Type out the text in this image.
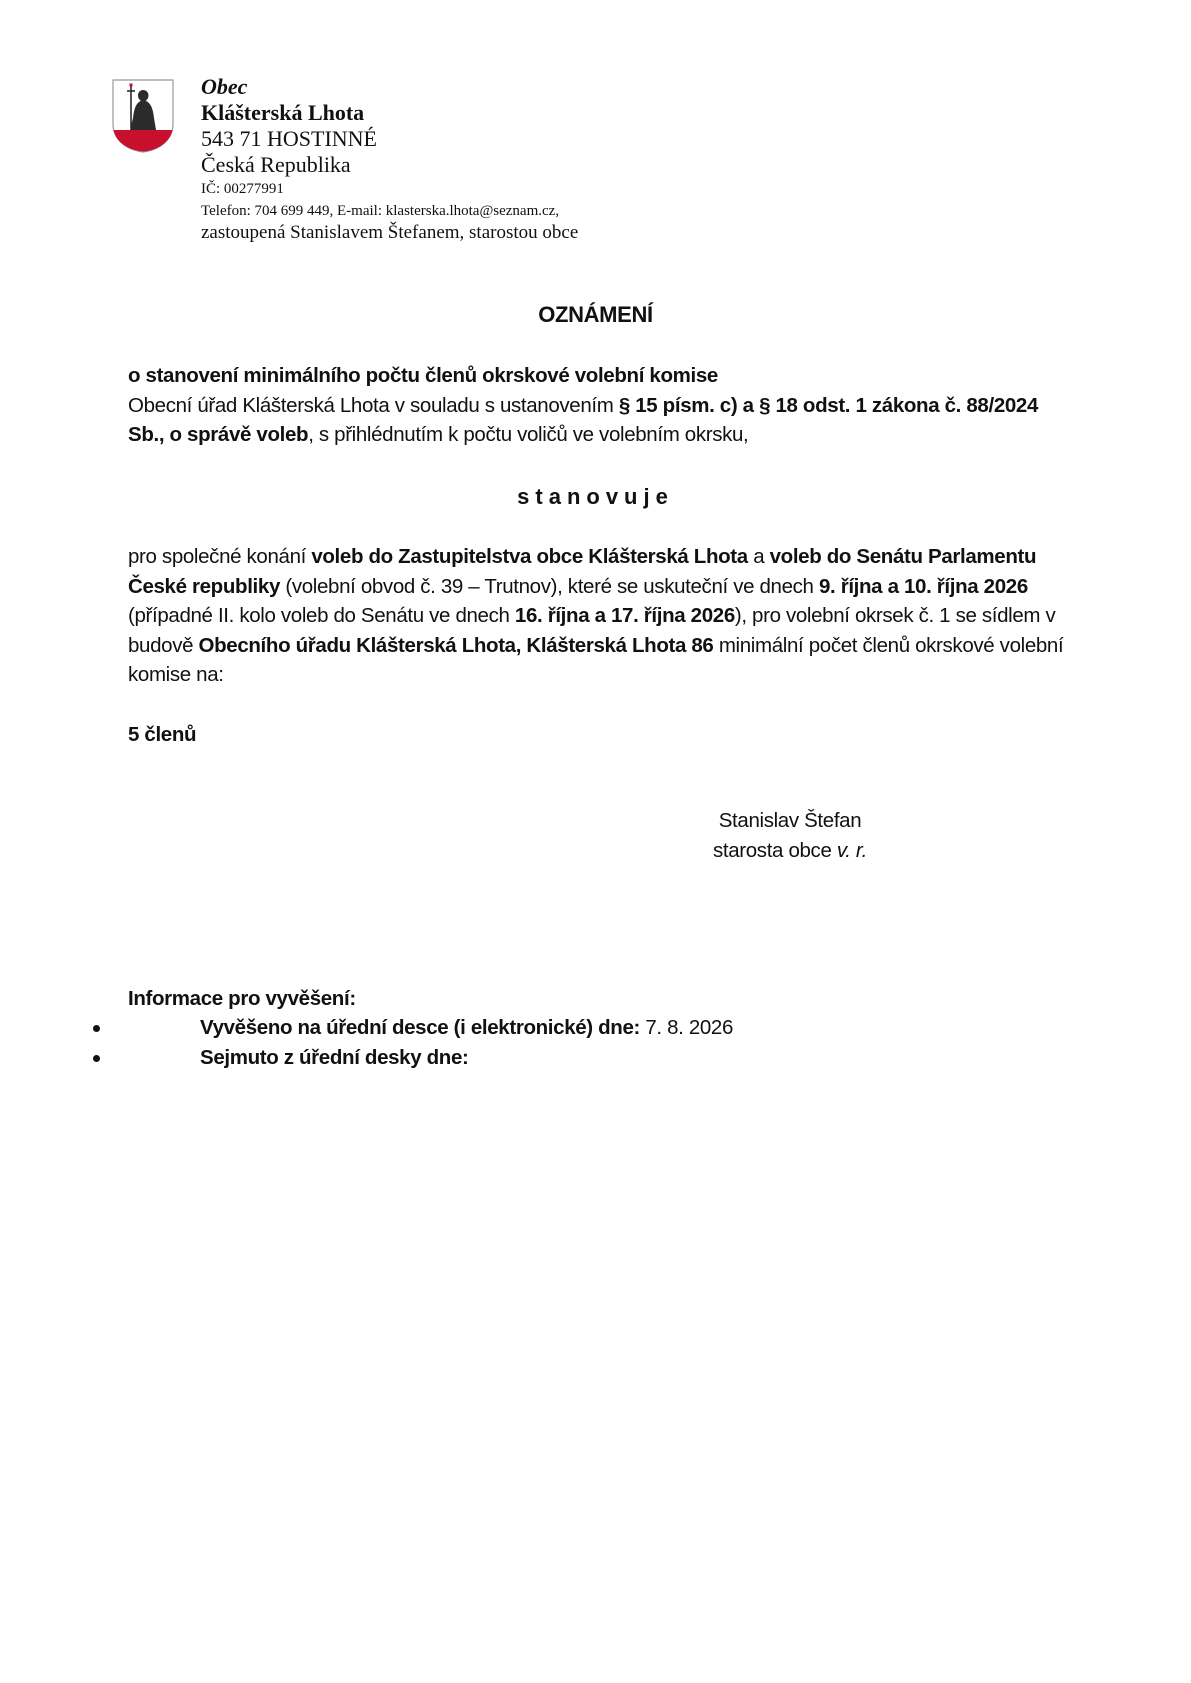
Obec
Klášterská Lhota
543 71 HOSTINNÉ
Česká Republika
IČ: 00277991
Telefon: 704 699 449, E-mail: klasterska.lhota@seznam.cz,
zastoupená Stanislavem Štefanem, starostou obce
OZNÁMENÍ
o stanovení minimálního počtu členů okrskové volební komise
Obecní úřad Klášterská Lhota v souladu s ustanovením § 15 písm. c) a § 18 odst. 1 zákona č. 88/2024 Sb., o správě voleb, s přihlédnutím k počtu voličů ve volebním okrsku,
stanovuje
pro společné konání voleb do Zastupitelstva obce Klášterská Lhota a voleb do Senátu Parlamentu České republiky (volební obvod č. 39 – Trutnov), které se uskuteční ve dnech 9. října a 10. října 2026 (případné II. kolo voleb do Senátu ve dnech 16. října a 17. října 2026), pro volební okrsek č. 1 se sídlem v budově Obecního úřadu Klášterská Lhota, Klášterská Lhota 86 minimální počet členů okrskové volební komise na:
5 členů
Stanislav Štefan
starosta obce v. r.
Informace pro vyvěšení:
Vyvěšeno na úřední desce (i elektronické) dne: 7. 8. 2026
Sejmuto z úřední desky dne:
